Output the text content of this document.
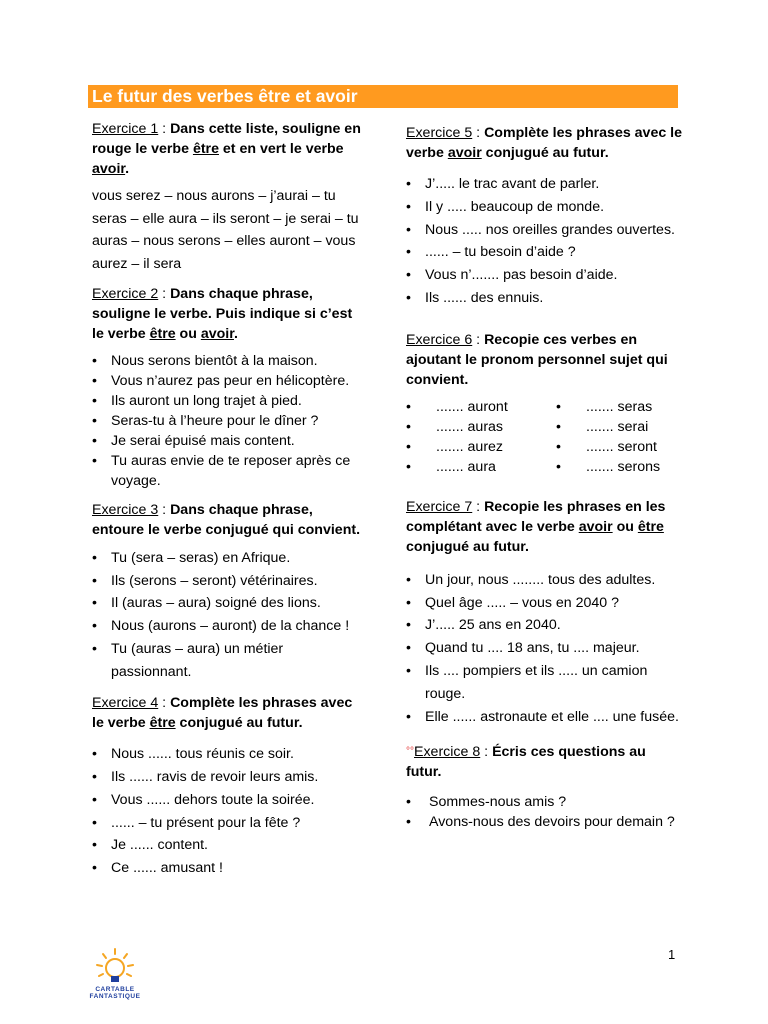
Le futur des verbes être et avoir

Exercice 1 : Dans cette liste, souligne en rouge le verbe être et en vert le verbe avoir.

vous serez – nous aurons – j’aurai – tu seras – elle aura – ils seront – je serai – tu auras – nous serons – elles auront – vous aurez – il sera

Exercice 2 : Dans chaque phrase, souligne le verbe. Puis indique si c’est le verbe être ou avoir.

• Nous serons bientôt à la maison.
• Vous n’aurez pas peur en hélicoptère.
• Ils auront un long trajet à pied.
• Seras-tu à l’heure pour le dîner ?
• Je serai épuisé mais content.
• Tu auras envie de te reposer après ce voyage.

Exercice 3 : Dans chaque phrase, entoure le verbe conjugué qui convient.

• Tu (sera – seras) en Afrique.
• Ils (serons – seront) vétérinaires.
• Il (auras – aura) soigné des lions.
• Nous (aurons – auront) de la chance !
• Tu (auras – aura) un métier passionnant.

Exercice 4 : Complète les phrases avec le verbe être conjugué au futur.

• Nous ...... tous réunis ce soir.
• Ils ...... ravis de revoir leurs amis.
• Vous ...... dehors toute la soirée.
• ...... – tu présent pour la fête ?
• Je ...... content.
• Ce ...... amusant !

Exercice 5 : Complète les phrases avec le verbe avoir conjugué au futur.

• J’..... le trac avant de parler.
• Il y ..... beaucoup de monde.
• Nous ..... nos oreilles grandes ouvertes.
• ...... – tu besoin d’aide ?
• Vous n’....... pas besoin d’aide.
• Ils ...... des ennuis.

Exercice 6 : Recopie ces verbes en ajoutant le pronom personnel sujet qui convient.

• ....... auront	• ....... seras
• ....... auras	• ....... serai
• ....... aurez	• ....... seront
• ....... aura	• ....... serons

Exercice 7 : Recopie les phrases en les complétant avec le verbe avoir ou être conjugué au futur.

• Un jour, nous ........ tous des adultes.
• Quel âge ..... – vous en 2040 ?
• J’..... 25 ans en 2040.
• Quand tu .... 18 ans, tu .... majeur.
• Ils .... pompiers et ils ..... un camion rouge.
• Elle ...... astronaute et elle .... une fusée.

°°Exercice 8 : Écris ces questions au futur.

• Sommes-nous amis ?
• Avons-nous des devoirs pour demain ?
CARTABLE
FANTASTIQUE
1
